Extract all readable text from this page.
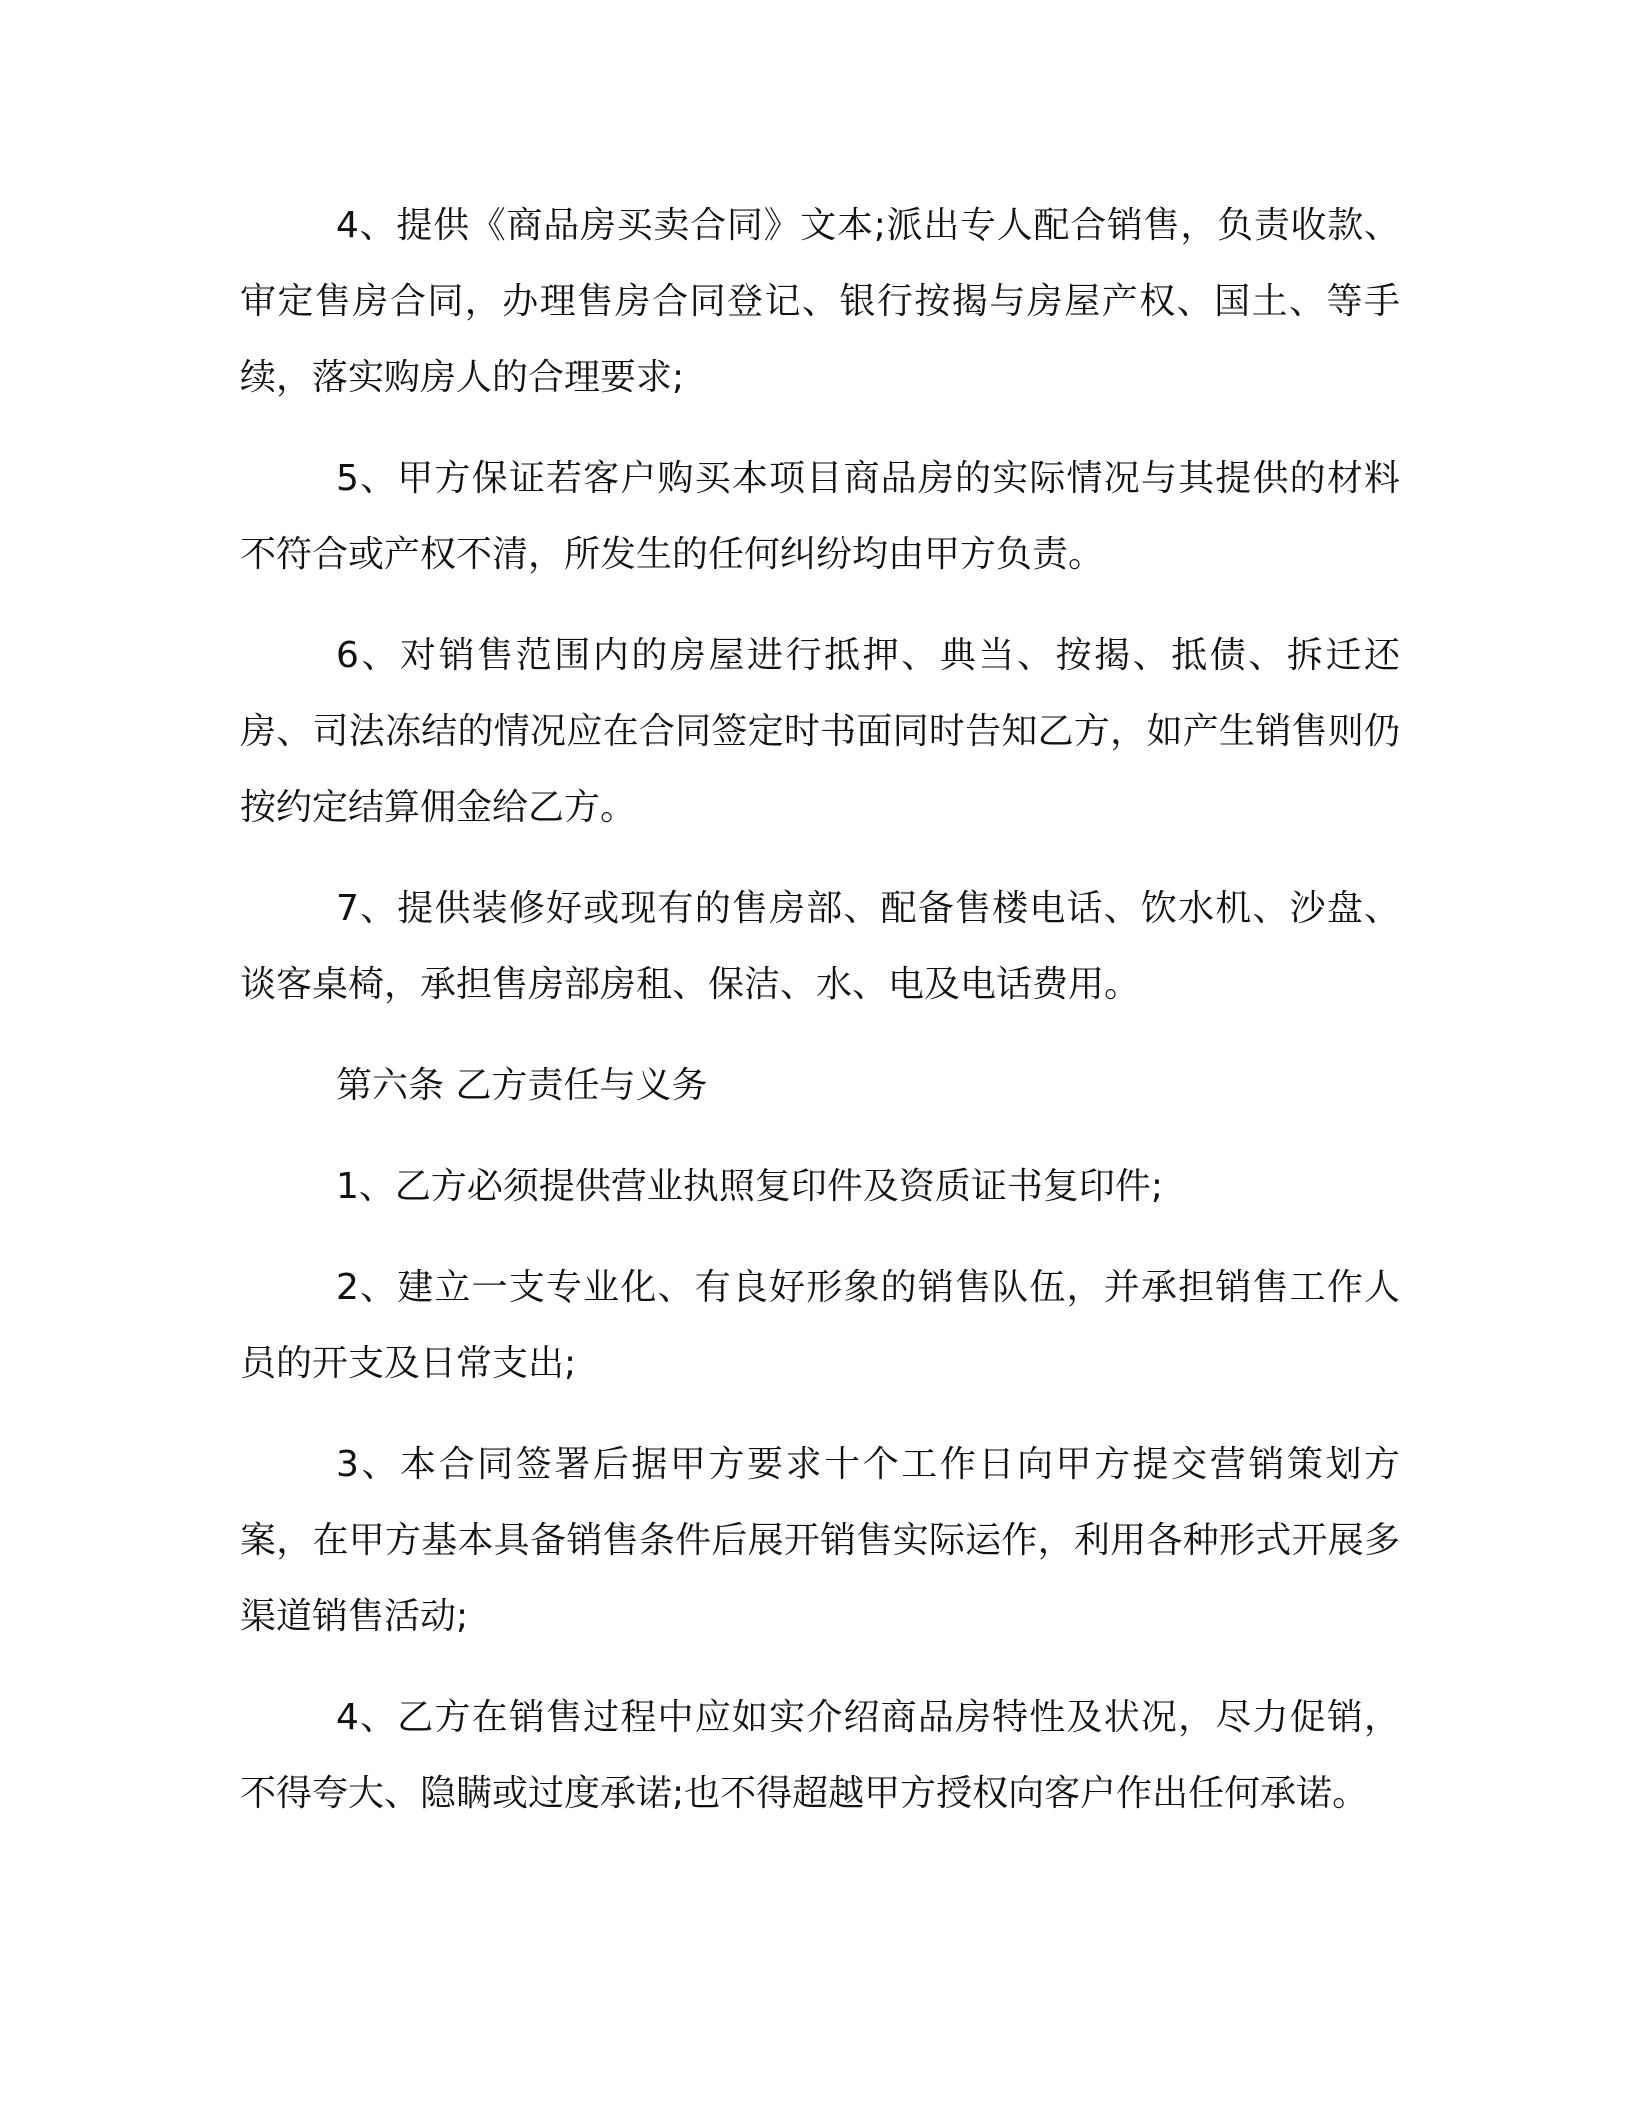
4、提供《商品房买卖合同》文本;派出专人配合销售，负责收款、审定售房合同，办理售房合同登记、银行按揭与房屋产权、国土、等手续，落实购房人的合理要求;

5、甲方保证若客户购买本项目商品房的实际情况与其提供的材料不符合或产权不清，所发生的任何纠纷均由甲方负责。

6、对销售范围内的房屋进行抵押、典当、按揭、抵债、拆迁还房、司法冻结的情况应在合同签定时书面同时告知乙方，如产生销售则仍按约定结算佣金给乙方。

7、提供装修好或现有的售房部、配备售楼电话、饮水机、沙盘、谈客桌椅，承担售房部房租、保洁、水、电及电话费用。

第六条 乙方责任与义务

1、乙方必须提供营业执照复印件及资质证书复印件;

2、建立一支专业化、有良好形象的销售队伍，并承担销售工作人员的开支及日常支出;

3、本合同签署后据甲方要求十个工作日向甲方提交营销策划方案，在甲方基本具备销售条件后展开销售实际运作，利用各种形式开展多渠道销售活动;

4、乙方在销售过程中应如实介绍商品房特性及状况，尽力促销，不得夸大、隐瞒或过度承诺;也不得超越甲方授权向客户作出任何承诺。
